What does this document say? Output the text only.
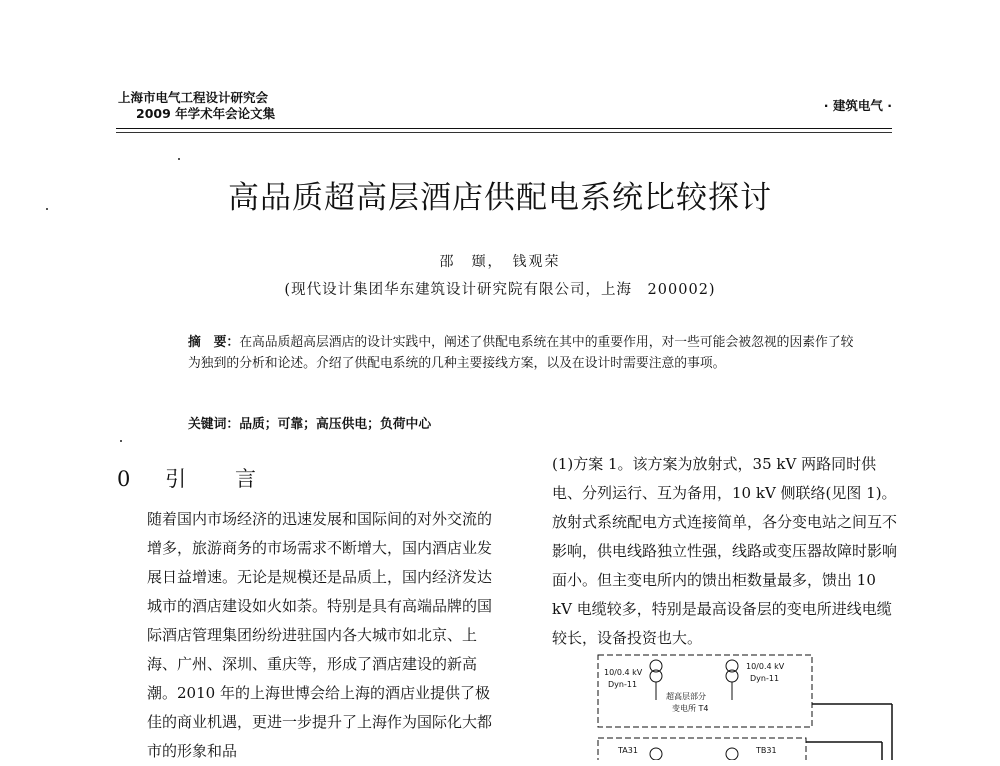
上海市电气工程设计研究会
2009 年学术年会论文集
· 建筑电气 ·
高品质超高层酒店供配电系统比较探讨
邵　颋，　钱观荣
(现代设计集团华东建筑设计研究院有限公司，上海　200002)
摘　要：在高品质超高层酒店的设计实践中，阐述了供配电系统在其中的重要作用，对一些可能会被忽视的因素作了较为独到的分析和论述。介绍了供配电系统的几种主要接线方案，以及在设计时需要注意的事项。
关键词：品质；可靠；高压供电；负荷中心
0 引　言
随着国内市场经济的迅速发展和国际间的对外交流的增多，旅游商务的市场需求不断增大，国内酒店业发展日益增速。无论是规模还是品质上，国内经济发达城市的酒店建设如火如荼。特别是具有高端品牌的国际酒店管理集团纷纷进驻国内各大城市如北京、上海、广州、深圳、重庆等，形成了酒店建设的新高潮。2010 年的上海世博会给上海的酒店业提供了极佳的商业机遇，更进一步提升了上海作为国际化大都市的形象和品
(1)方案 1。该方案为放射式，35 kV 两路同时供电、分列运行、互为备用，10 kV 侧联络(见图 1)。放射式系统配电方式连接简单，各分变电站之间互不影响，供电线路独立性强，线路或变压器故障时影响面小。但主变电所内的馈出柜数量最多，馈出 10 kV 电缆较多，特别是最高设备层的变电所进线电缆较长，设备投资也大。
10/0.4 kV
Dyn-11
10/0.4 kV
Dyn-11
超高层部分
变电所 T4
TA31	TB31
